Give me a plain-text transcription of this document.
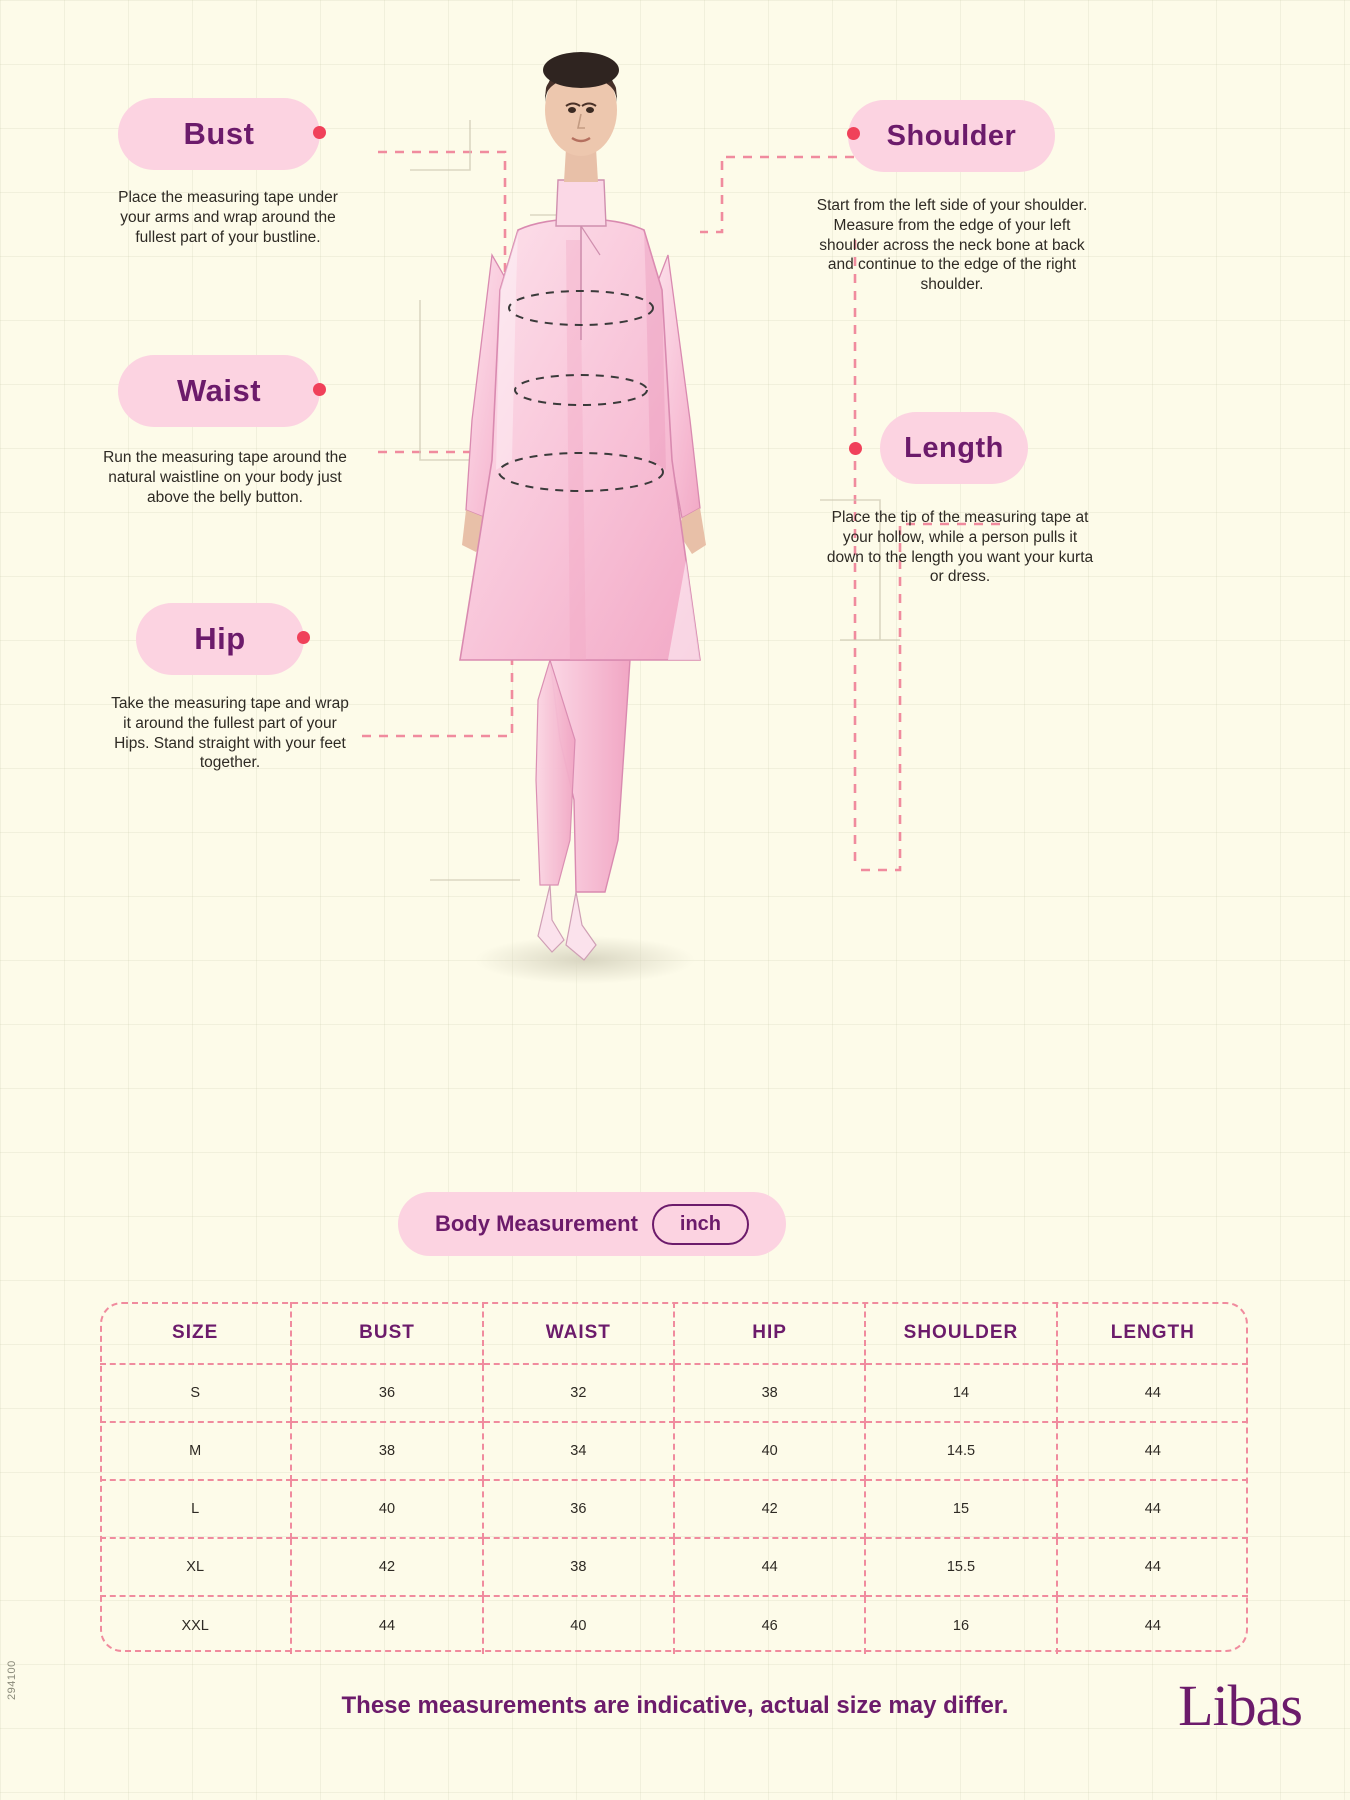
294100
Bust
Place the measuring tape under your arms and wrap around the fullest part of your bustline.
Waist
Run the measuring tape around the natural waistline on your body just above the belly button.
Hip
Take the measuring tape and wrap it around the fullest part of your Hips. Stand straight with your feet together.
Shoulder
Start from the left side of your shoulder. Measure from the edge of your left shoulder across the neck bone at back and continue to the edge of the right shoulder.
Length
Place the tip of the measuring tape at your hollow, while a person pulls it down to the length you want your kurta or dress.
Body Measurement	inch
SIZE	BUST	WAIST	HIP	SHOULDER	LENGTH
S	36	32	38	14	44
M	38	34	40	14.5	44
L	40	36	42	15	44
XL	42	38	44	15.5	44
XXL	44	40	46	16	44
These measurements are indicative, actual size may differ.	Libas
